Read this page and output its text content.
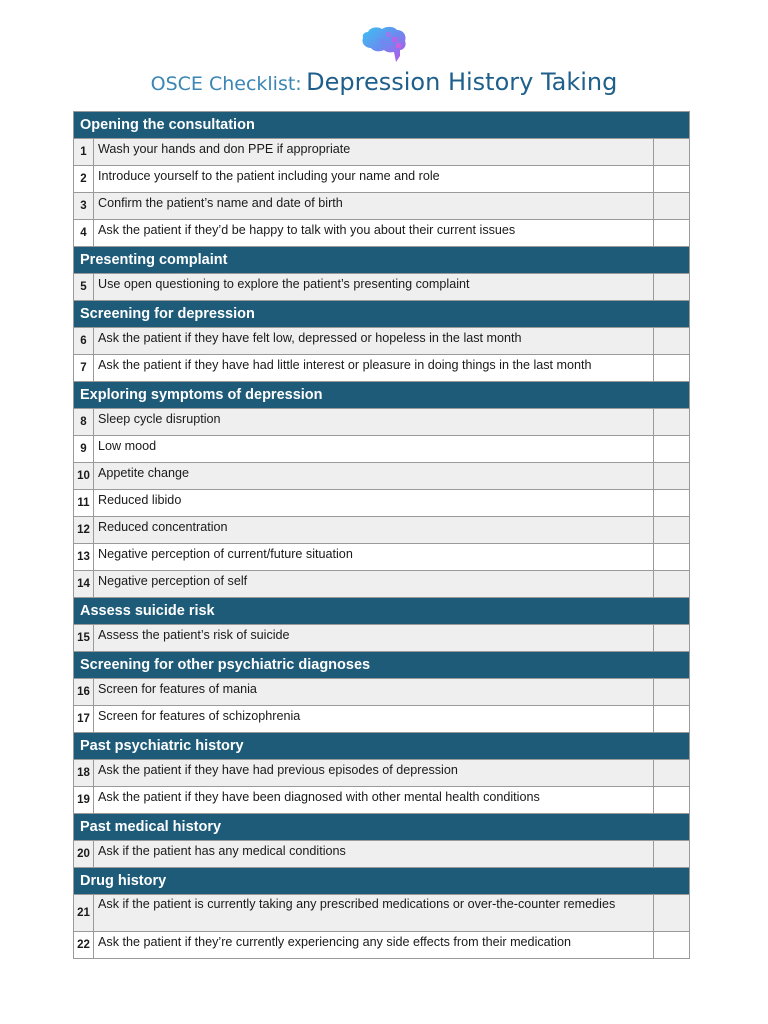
OSCE Checklist: Depression History Taking
Opening the consultation
1 Wash your hands and don PPE if appropriate
2 Introduce yourself to the patient including your name and role
3 Confirm the patient’s name and date of birth
4 Ask the patient if they’d be happy to talk with you about their current issues
Presenting complaint
5 Use open questioning to explore the patient’s presenting complaint
Screening for depression
6 Ask the patient if they have felt low, depressed or hopeless in the last month
7 Ask the patient if they have had little interest or pleasure in doing things in the last month
Exploring symptoms of depression
8 Sleep cycle disruption
9 Low mood
10 Appetite change
11 Reduced libido
12 Reduced concentration
13 Negative perception of current/future situation
14 Negative perception of self
Assess suicide risk
15 Assess the patient’s risk of suicide
Screening for other psychiatric diagnoses
16 Screen for features of mania
17 Screen for features of schizophrenia
Past psychiatric history
18 Ask the patient if they have had previous episodes of depression
19 Ask the patient if they have been diagnosed with other mental health conditions
Past medical history
20 Ask if the patient has any medical conditions
Drug history
21
Ask if the patient is currently taking any prescribed medications or over-the-counter remedies
22 Ask the patient if they’re currently experiencing any side effects from their medication
